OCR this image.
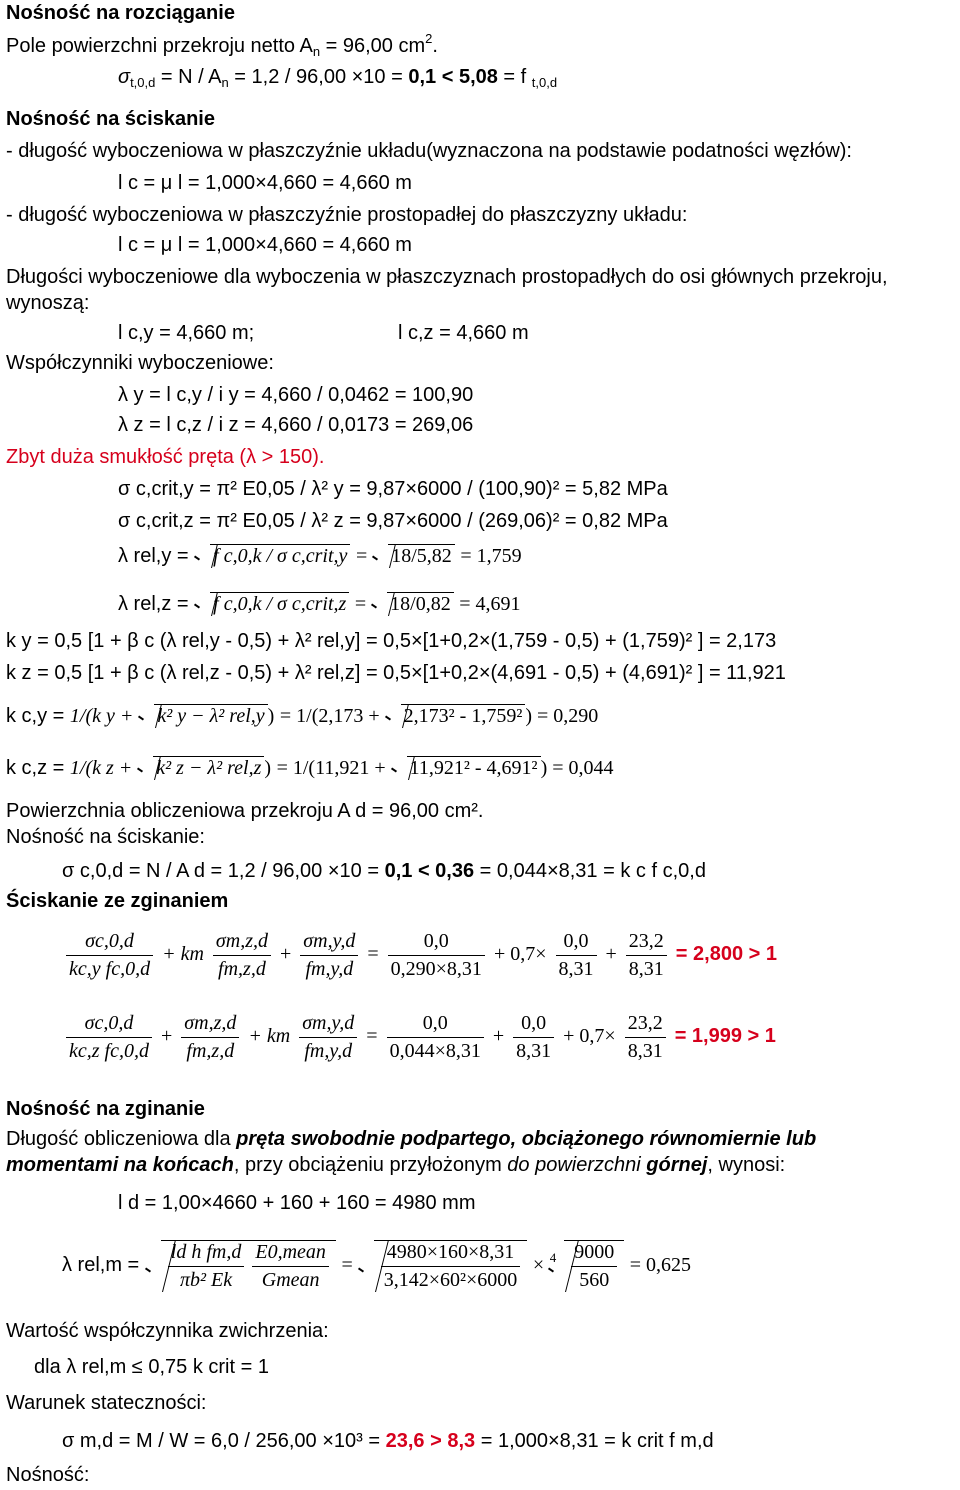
Nośność na rozciąganie
Pole powierzchni przekroju netto $A_n = 96,00$ $cm^2$.
$\sigma_{t,0,d} = N / A_n = 1,2 / 96,00 \times 10 = 0,1 < 5,08 = f$ $_{t,0,d}$
Nośność na ściskanie
- długość wyboczeniowa w płaszczyźnie układu(wyznaczona na podstawie podatności węzłów):
l c = μ l = 1,000×4,660 = 4,660 m
- długość wyboczeniowa w płaszczyźnie prostopadłej do płaszczyzny układu:
l c = μ l = 1,000×4,660 = 4,660 m
Długości wyboczeniowe dla wyboczenia w płaszczyznach prostopadłych do osi głównych przekroju,
wynoszą:
l c,y = 4,660 m;	l c,z = 4,660 m
Współczynniki wyboczeniowe:
λ y = l c,y / i y = 4,660 / 0,0462 = 100,90
λ z = l c,z / i z = 4,660 / 0,0173 = 269,06
Zbyt duża smukłość pręta (λ > 150).
σ c,crit,y = π² E0,05 / λ² y = 9,87×6000 / (100,90)² = 5,82 MPa
σ c,crit,z = π² E0,05 / λ² z = 9,87×6000 / (269,06)² = 0,82 MPa
λ rel,y = f c,0,k / σ c,crit,y = 18/5,82 = 1,759
λ rel,z = f c,0,k / σ c,crit,z = 18/0,82 = 4,691
k y = 0,5 [1 + β c (λ rel,y - 0,5) + λ² rel,y] = 0,5×[1+0,2×(1,759 - 0,5) + (1,759)² ] = 2,173
k z = 0,5 [1 + β c (λ rel,z - 0,5) + λ² rel,z] = 0,5×[1+0,2×(4,691 - 0,5) + (4,691)² ] = 11,921
k c,y = 1/(k y + k² y − λ² rel,y ) = 1/(2,173 + 2,173² - 1,759² ) = 0,290
k c,z = 1/(k z + k² z − λ² rel,z ) = 1/(11,921 + 11,921² - 4,691² ) = 0,044
Powierzchnia obliczeniowa przekroju A d = 96,00 cm².
Nośność na ściskanie:
σ c,0,d = N / A d = 1,2 / 96,00 ×10 = 0,1 < 0,36 = 0,044×8,31 = k c f c,0,d
Ściskanie ze zginaniem
$\frac{\sigma c,0,d}{\text{kc,y fc,0,d}}$ + km $\frac{\sigma m,z,d}{fm,z,d} + \frac{\sigma m,y,d}{fm,y,d} = \frac{0,0}{0,290\times 8,31} + 0,7\times \frac{0,0}{8,31} + \frac{23,2}{8,31} = 2,800 > 1$
$\frac{\sigma c,0,d}{\text{kc,z fc,0,d}} + \frac{\sigma m,z,d}{fm,z,d}$ + km $\frac{\sigma m,y,d}{fm,y,d} = \frac{0,0}{0,044\times 8,31} + \frac{0,0}{8,31} + 0,7\times \frac{23,2}{8,31} = 1,999 > 1$
Nośność na zginanie
Długość obliczeniowa dla pręta swobodnie podpartego, obciążonego równomiernie lub
momentami na końcach, przy obciążeniu przyłożonym do powierzchni górnej, wynosi:
l d = 1,00×4660 + 160 + 160 = 4980 mm
λ $rel,m = \frac{\text{ld h fm,d}}{\text{πb² Ek}}$ E0,mean
Gmean
= $\frac{4980\times 160\times 8,31}{\text{3,142×60²×6000}} \times ^4 \frac{9000}{560} = 0,625$
Wartość współczynnika zwichrzenia:
dla λ rel,m ≤ 0,75 k crit = 1
Warunek stateczności:
σ m,d = M / W = 6,0 / 256,00 ×10³ = 23,6 > 8,3 = 1,000×8,31 = k crit f m,d
Nośność:
